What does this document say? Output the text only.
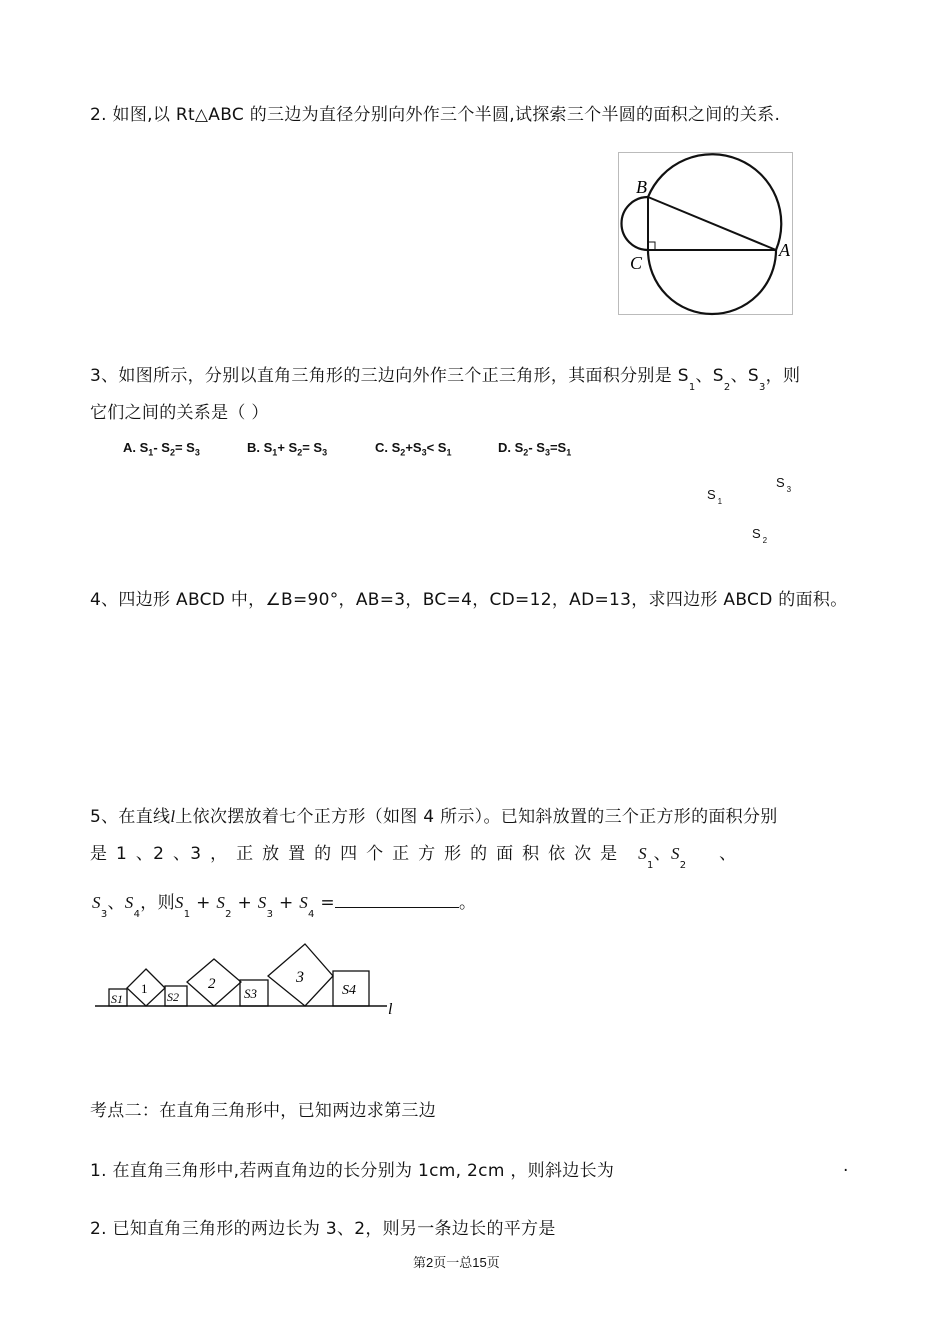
2. 如图,以 Rt△ABC 的三边为直径分别向外作三个半圆,试探索三个半圆的面积之间的关系.
B
C
A
3、如图所示，分别以直角三角形的三边向外作三个正三角形，其面积分别是 $S_1$、$S_2$、$S_3$，则
它们之间的关系是（ ）
A. $S_1-$ $S_2= S_3$	B. $S_1+ S_2= S_3$	C. $S_2+S_3< S_1$	D. $S_2-$ $S_3=S_1$
S $_1$
S $_3$
S $_2$
4、四边形 ABCD 中，∠B=90°，AB=3，BC=4，CD=12，AD=13，求四边形 ABCD 的面积。
5、在直线l上依次摆放着七个正方形（如图 4 所示）。已知斜放置的三个正方形的面积分别
是 1 、2 、3 ， 正 放 置 的 四 个 正 方 形 的 面 积 依 次 是 $S_1$、$S_2$ 、
$S_3$、$S_4$，则$S_1 + S_2 + S_3 + S_4$ =	。
l
S1
1
S2
2
S3
3
S4
考点二：在直角三角形中，已知两边求第三边
1. 在直角三角形中,若两直角边的长分别为 1cm, 2cm ，则斜边长为	.
2. 已知直角三角形的两边长为 3、2，则另一条边长的平方是
第2页一总15页
